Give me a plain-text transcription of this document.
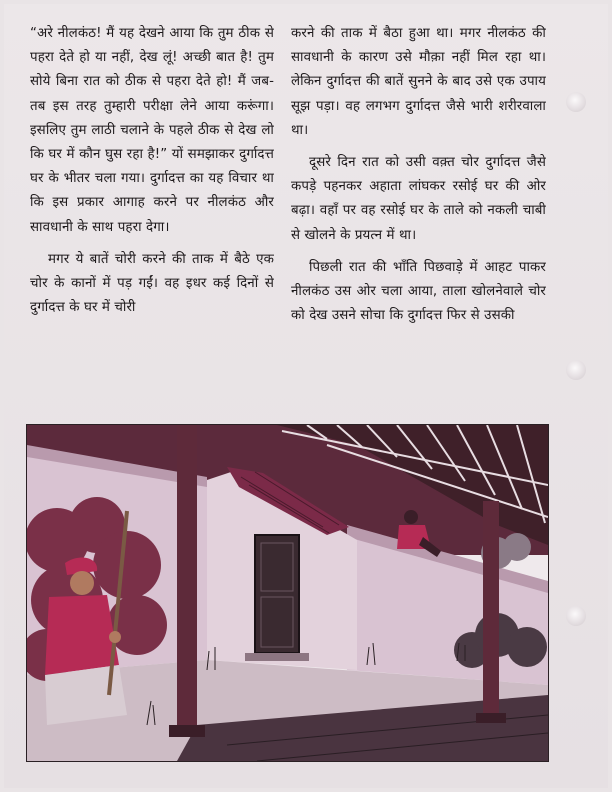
“अरे नीलकंठ! मैं यह देखने आया कि तुम ठीक से पहरा देते हो या नहीं, देख लूं! अच्छी बात है! तुम सोये बिना रात को ठीक से पहरा देते हो! मैं जब-तब इस तरह तुम्हारी परीक्षा लेने आया करूंगा। इसलिए तुम लाठी चलाने के पहले ठीक से देख लो कि घर में कौन घुस रहा है!” यों समझाकर दुर्गादत्त घर के भीतर चला गया। दुर्गादत्त का यह विचार था कि इस प्रकार आगाह करने पर नीलकंठ और सावधानी के साथ पहरा देगा।

मगर ये बातें चोरी करने की ताक में बैठे एक चोर के कानों में पड़ गईं। वह इधर कई दिनों से दुर्गादत्त के घर में चोरी

करने की ताक में बैठा हुआ था। मगर नीलकंठ की सावधानी के कारण उसे मौक़ा नहीं मिल रहा था। लेकिन दुर्गादत्त की बातें सुनने के बाद उसे एक उपाय सूझ पड़ा। वह लगभग दुर्गादत्त जैसे भारी शरीरवाला था।

दूसरे दिन रात को उसी वक़्त चोर दुर्गादत्त जैसे कपड़े पहनकर अहाता लांघकर रसोई घर की ओर बढ़ा। वहाँ पर वह रसोई घर के ताले को नकली चाबी से खोलने के प्रयत्न में था।

पिछली रात की भाँति पिछवाड़े में आहट पाकर नीलकंठ उस ओर चला आया, ताला खोलनेवाले चोर को देख उसने सोचा कि दुर्गादत्त फिर से उसकी
